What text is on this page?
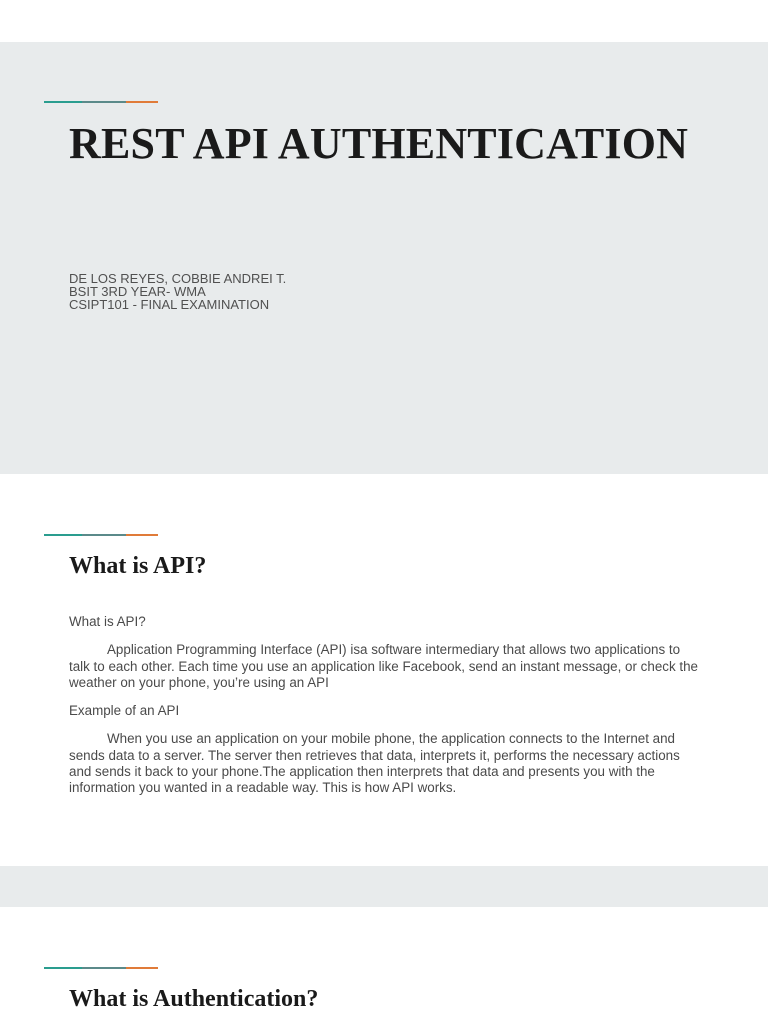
REST API AUTHENTICATION
DE LOS REYES, COBBIE ANDREI T.
BSIT 3RD YEAR- WMA
CSIPT101 - FINAL EXAMINATION
What is API?

What is API?

Application Programming Interface (API) isa software intermediary that allows two applications to talk to each other. Each time you use an application like Facebook, send an instant message, or check the weather on your phone, you’re using an API

Example of an API

When you use an application on your mobile phone, the application connects to the Internet and sends data to a server. The server then retrieves that data, interprets it, performs the necessary actions and sends it back to your phone.The application then interprets that data and presents you with the information you wanted in a readable way. This is how API works.

What is Authentication?
